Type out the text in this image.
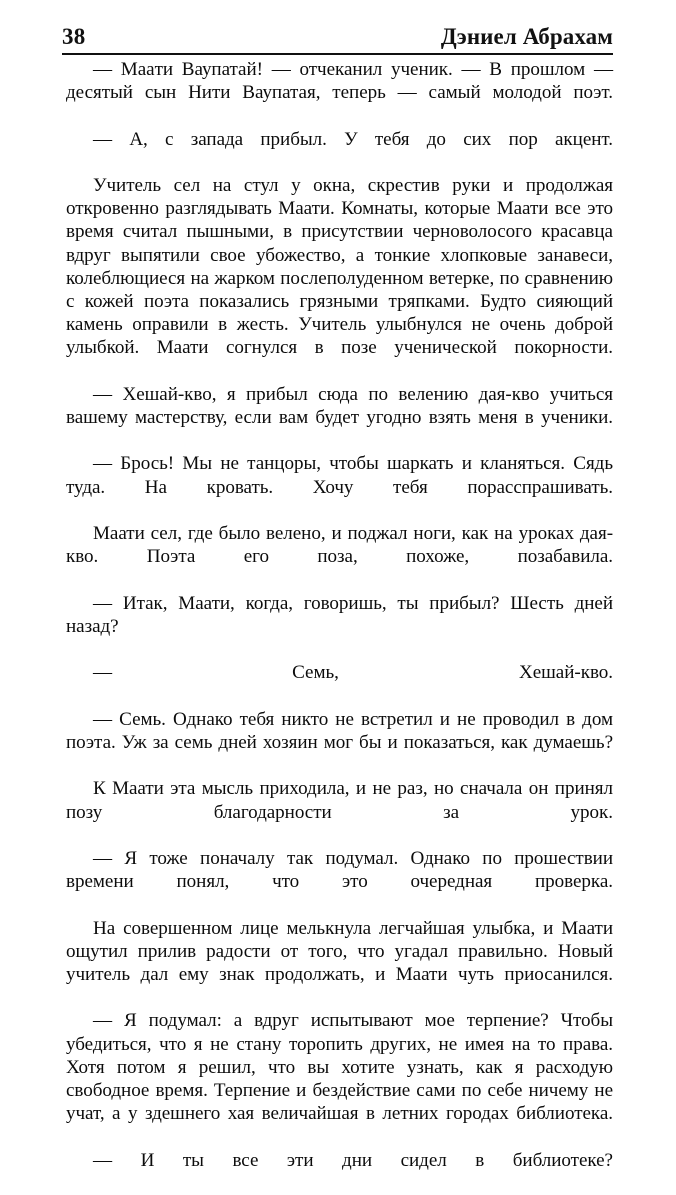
38	Дэниел Абрахам

— Мaaти Ваупатай! — отчеканил ученик. — В прошлом — десятый сын Нити Ваупатая, теперь — самый молодой поэт.

— А, с запада прибыл. У тебя до сих пор акцент.

Учитель сел на стул у окна, скрестив руки и продолжая откровенно разглядывать Маати. Комнаты, которые Маати все это время считал пышными, в присутствии черноволосого красавца вдруг выпятили свое убожество, а тонкие хлопковые занавеси, колеблющиеся на жарком послеполуденном ветерке, по сравнению с кожей поэта показались грязными тряпками. Будто сияющий камень оправили в жесть. Учитель улыбнулся не очень доброй улыбкой. Маати согнулся в позе ученической покорности.

— Хешай-кво, я прибыл сюда по велению дая-кво учиться вашему мастерству, если вам будет угодно взять меня в ученики.

— Брось! Мы не танцоры, чтобы шаркать и кланяться. Сядь туда. На кровать. Хочу тебя порасспрашивать.

Маати сел, где было велено, и поджал ноги, как на уроках дая-кво. Поэта его поза, похоже, позабавила.

— Итак, Маати, когда, говоришь, ты прибыл? Шесть дней назад?

— Семь, Хешай-кво.

— Семь. Однако тебя никто не встретил и не проводил в дом поэта. Уж за семь дней хозяин мог бы и показаться, как думаешь?

К Маати эта мысль приходила, и не раз, но сначала он принял позу благодарности за урок.

— Я тоже поначалу так подумал. Однако по прошествии времени понял, что это очередная проверка.

На совершенном лице мелькнула легчайшая улыбка, и Маати ощутил прилив радости от того, что угадал правильно. Новый учитель дал ему знак продолжать, и Маати чуть приосанился.

— Я подумал: а вдруг испытывают мое терпение? Чтобы убедиться, что я не стану торопить других, не имея на то права. Хотя потом я решил, что вы хотите узнать, как я расходую свободное время. Терпение и бездействие сами по себе ничему не учат, а у здешнего хая величайшая в летних городах библиотека.

— И ты все эти дни сидел в библиотеке?
